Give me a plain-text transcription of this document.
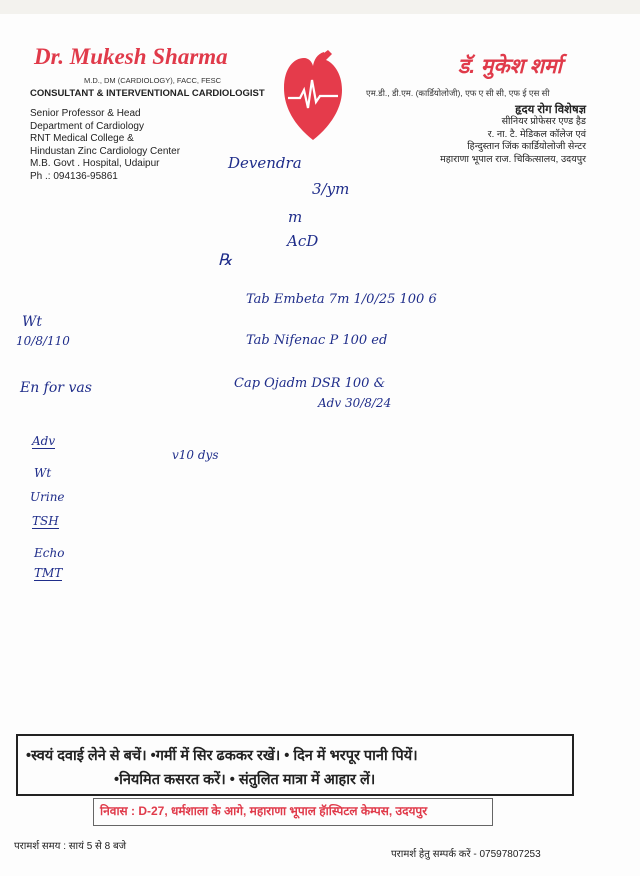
Dr. Mukesh Sharma
M.D., DM (CARDIOLOGY), FACC, FESC
CONSULTANT & INTERVENTIONAL CARDIOLOGIST
Senior Professor & Head
Department of Cardiology
RNT Medical College &
Hindustan Zinc Cardiology Center
M.B. Govt . Hospital, Udaipur
Ph .: 094136-95861
डॅ. मुकेश शर्मा
एम.डी., डी.एम. (कार्डियोलोजी), एफ ए सी सी, एफ ई एस सी
हृदय रोग विशेषज्ञ
सीनियर प्रोफेसर एण्ड हैड
र. ना. टै. मेडिकल कॉलेज एवं
हिन्दुस्तान जिंक कार्डियोलोजी सेन्टर
महाराणा भूपाल राज. चिकित्सालय, उदयपुर
Devendra
3/ym
m
AcD
℞
Wt
10/8/110
En for vas
Tab Embeta 7m 1/0/25 100 6
Tab Nifenac P 100 ed
Cap Ojadm DSR 100 &
Adv 30/8/24
Adv
v10 dys
Wt
Urine
TSH
Echo
TMT
•स्वयं दवाई लेने से बचें। •गर्मी में सिर ढककर रखें। • दिन में भरपूर पानी पियें।
•नियमित कसरत करें। • संतुलित मात्रा में आहार लें।
निवास : D-27, धर्मशाला के आगे, महाराणा भूपाल हॅास्पिटल केम्पस, उदयपुर
परामर्श समय : सायं 5 से 8 बजे
परामर्श हेतु सम्पर्क करें - 07597807253
